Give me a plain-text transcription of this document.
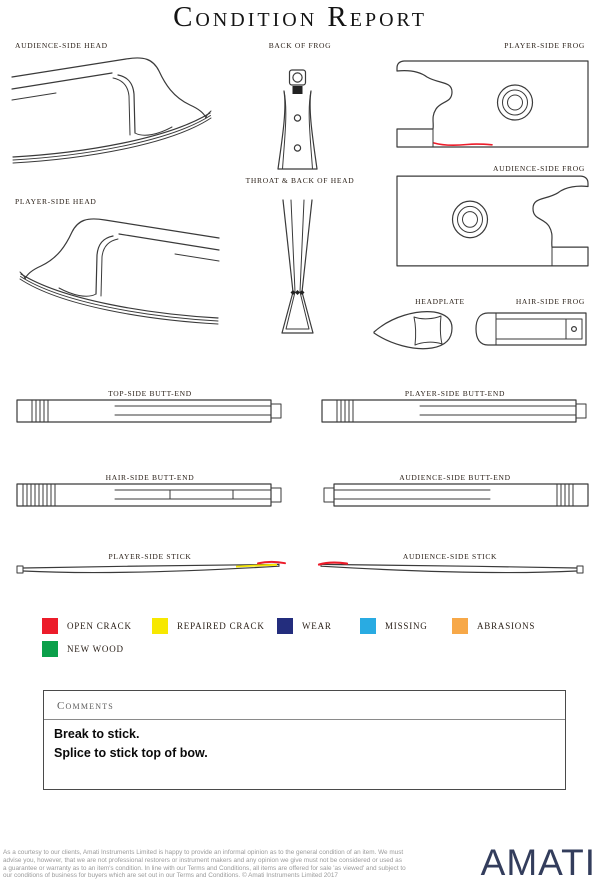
Condition Report
AUDIENCE-SIDE HEAD	BACK OF FROG	PLAYER-SIDE FROG
AUDIENCE-SIDE FROG
PLAYER-SIDE HEAD
THROAT & BACK OF HEAD
HEADPLATE	HAIR-SIDE FROG
TOP-SIDE BUTT-END	PLAYER-SIDE BUTT-END
HAIR-SIDE BUTT-END	AUDIENCE-SIDE BUTT-END
PLAYER-SIDE STICK	AUDIENCE-SIDE STICK
OPEN CRACK	REPAIRED CRACK	WEAR	MISSING	ABRASIONS
NEW WOOD
Comments
Break to stick.
Splice to stick top of bow.
As a courtesy to our clients, Amati Instruments Limited is happy to provide an informal opinion as to the general condition of an item. We must
advise you, however, that we are not professional restorers or instrument makers and any opinion we give must not be considered or used as
a guarantee or warranty as to an item's condition. In line with our Terms and Conditions, all items are offered for sale 'as viewed' and subject to
our conditions of business for buyers which are set out in our Terms and Conditions. © Amati Instruments Limited 2017	AMATI
